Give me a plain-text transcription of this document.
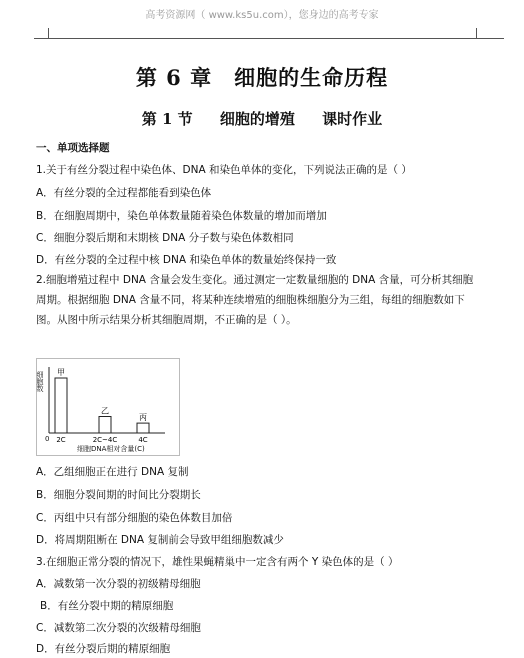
高考资源网（ www.ks5u.com），您身边的高考专家
第 6 章　细胞的生命历程
第 1 节 细胞的增殖 课时作业
一、单项选择题
1.关于有丝分裂过程中染色体、DNA 和染色单体的变化，下列说法正确的是（ ）
A．有丝分裂的全过程都能看到染色体
B．在细胞周期中，染色单体数量随着染色体数量的增加而增加
C．细胞分裂后期和末期核 DNA 分子数与染色体数相同
D．有丝分裂的全过程中核 DNA 和染色单体的数量始终保持一致
2.细胞增殖过程中 DNA 含量会发生变化。通过测定一定数量细胞的 DNA 含量，可分析其细胞
周期。根据细胞 DNA 含量不同，将某种连续增殖的细胞株细胞分为三组，每组的细胞数如下
图。从图中所示结果分析其细胞周期，不正确的是（ ）。
细胞数
0
细胞DNA相对含量(C)
甲
2C
乙
2C~4C
丙
4C
A．乙组细胞正在进行 DNA 复制
B．细胞分裂间期的时间比分裂期长
C．丙组中只有部分细胞的染色体数目加倍
D．将周期阻断在 DNA 复制前会导致甲组细胞数减少
3.在细胞正常分裂的情况下，雄性果蝇精巢中一定含有两个 Y 染色体的是（ ）
A．减数第一次分裂的初级精母细胞
B．有丝分裂中期的精原细胞
C．减数第二次分裂的次级精母细胞
D．有丝分裂后期的精原细胞
